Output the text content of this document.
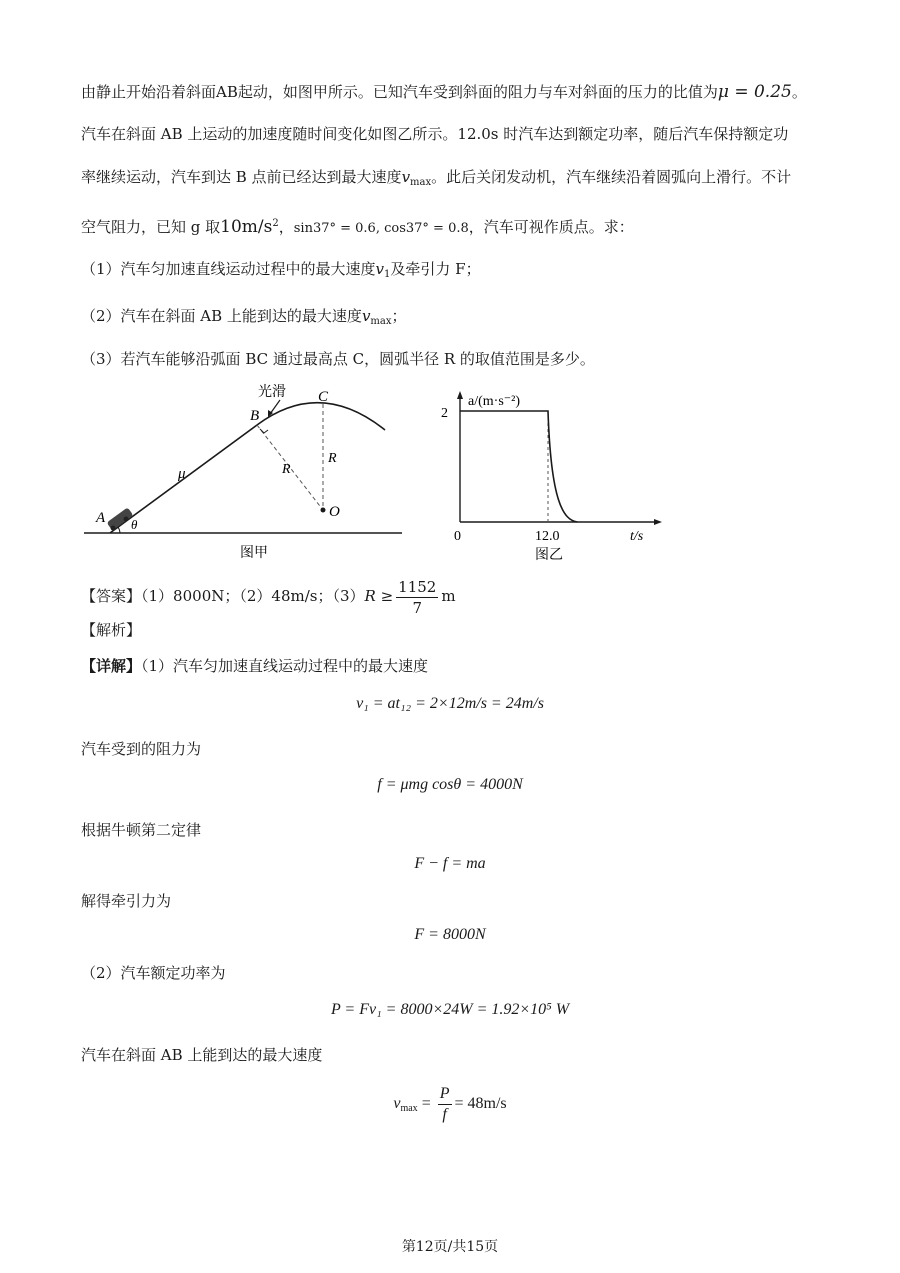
由静止开始沿着斜面AB起动，如图甲所示。已知汽车受到斜面的阻力与车对斜面的压力的比值为μ = 0.25。
汽车在斜面 AB 上运动的加速度随时间变化如图乙所示。12.0s 时汽车达到额定功率，随后汽车保持额定功
率继续运动，汽车到达 B 点前已经达到最大速度$v_{max}$。此后关闭发动机，汽车继续沿着圆弧向上滑行。不计
空气阻力，已知 g 取$10m/s^2$，sin37° = 0.6, cos37° = 0.8，汽车可视作质点。求：
（1）汽车匀加速直线运动过程中的最大速度$v_1$及牵引力 F；
（2）汽车在斜面 AB 上能到达的最大速度$v_{max}$；
（3）若汽车能够沿弧面 BC 通过最高点 C，圆弧半径 R 的取值范围是多少。
光滑
A
B
C
O
R
R
μ
θ
图甲
2
0	12.0	t/s
a/(m·s⁻²)
图乙
【答案】（1）8000N；（2）48m/s；$(3)R \ge \frac{1152}{7}$ m
【解析】
【详解】（1）汽车匀加速直线运动过程中的最大速度
v₁ = at₁₂ = 2×12m/s = 24m/s
汽车受到的阻力为
f = μmg cosθ = 4000N
根据牛顿第二定律
F − f = ma
解得牵引力为
F = 8000N
（2）汽车额定功率为
P = Fv₁ = 8000×24W = 1.92×10⁵ W
汽车在斜面 AB 上能到达的最大速度
$vmax = \frac{P}{f} = 48m/s$
第12页/共15页
